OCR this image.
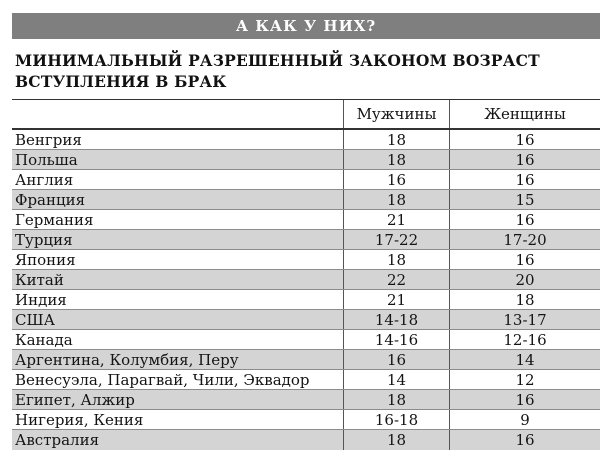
А КАК У НИХ?
МИНИМАЛЬНЫЙ РАЗРЕШЕННЫЙ ЗАКОНОМ ВОЗРАСТ ВСТУПЛЕНИЯ В БРАК
Мужчины	Женщины
Венгрия	18	16
Польша	18	16
Англия	16	16
Франция	18	15
Германия	21	16
Турция	17-22	17-20
Япония	18	16
Китай	22	20
Индия	21	18
США	14-18	13-17
Канада	14-16	12-16
Аргентина, Колумбия, Перу	16	14
Венесуэла, Парагвай, Чили, Эквадор	14	12
Египет, Алжир	18	16
Нигерия, Кения	16-18	9
Австралия	18	16
